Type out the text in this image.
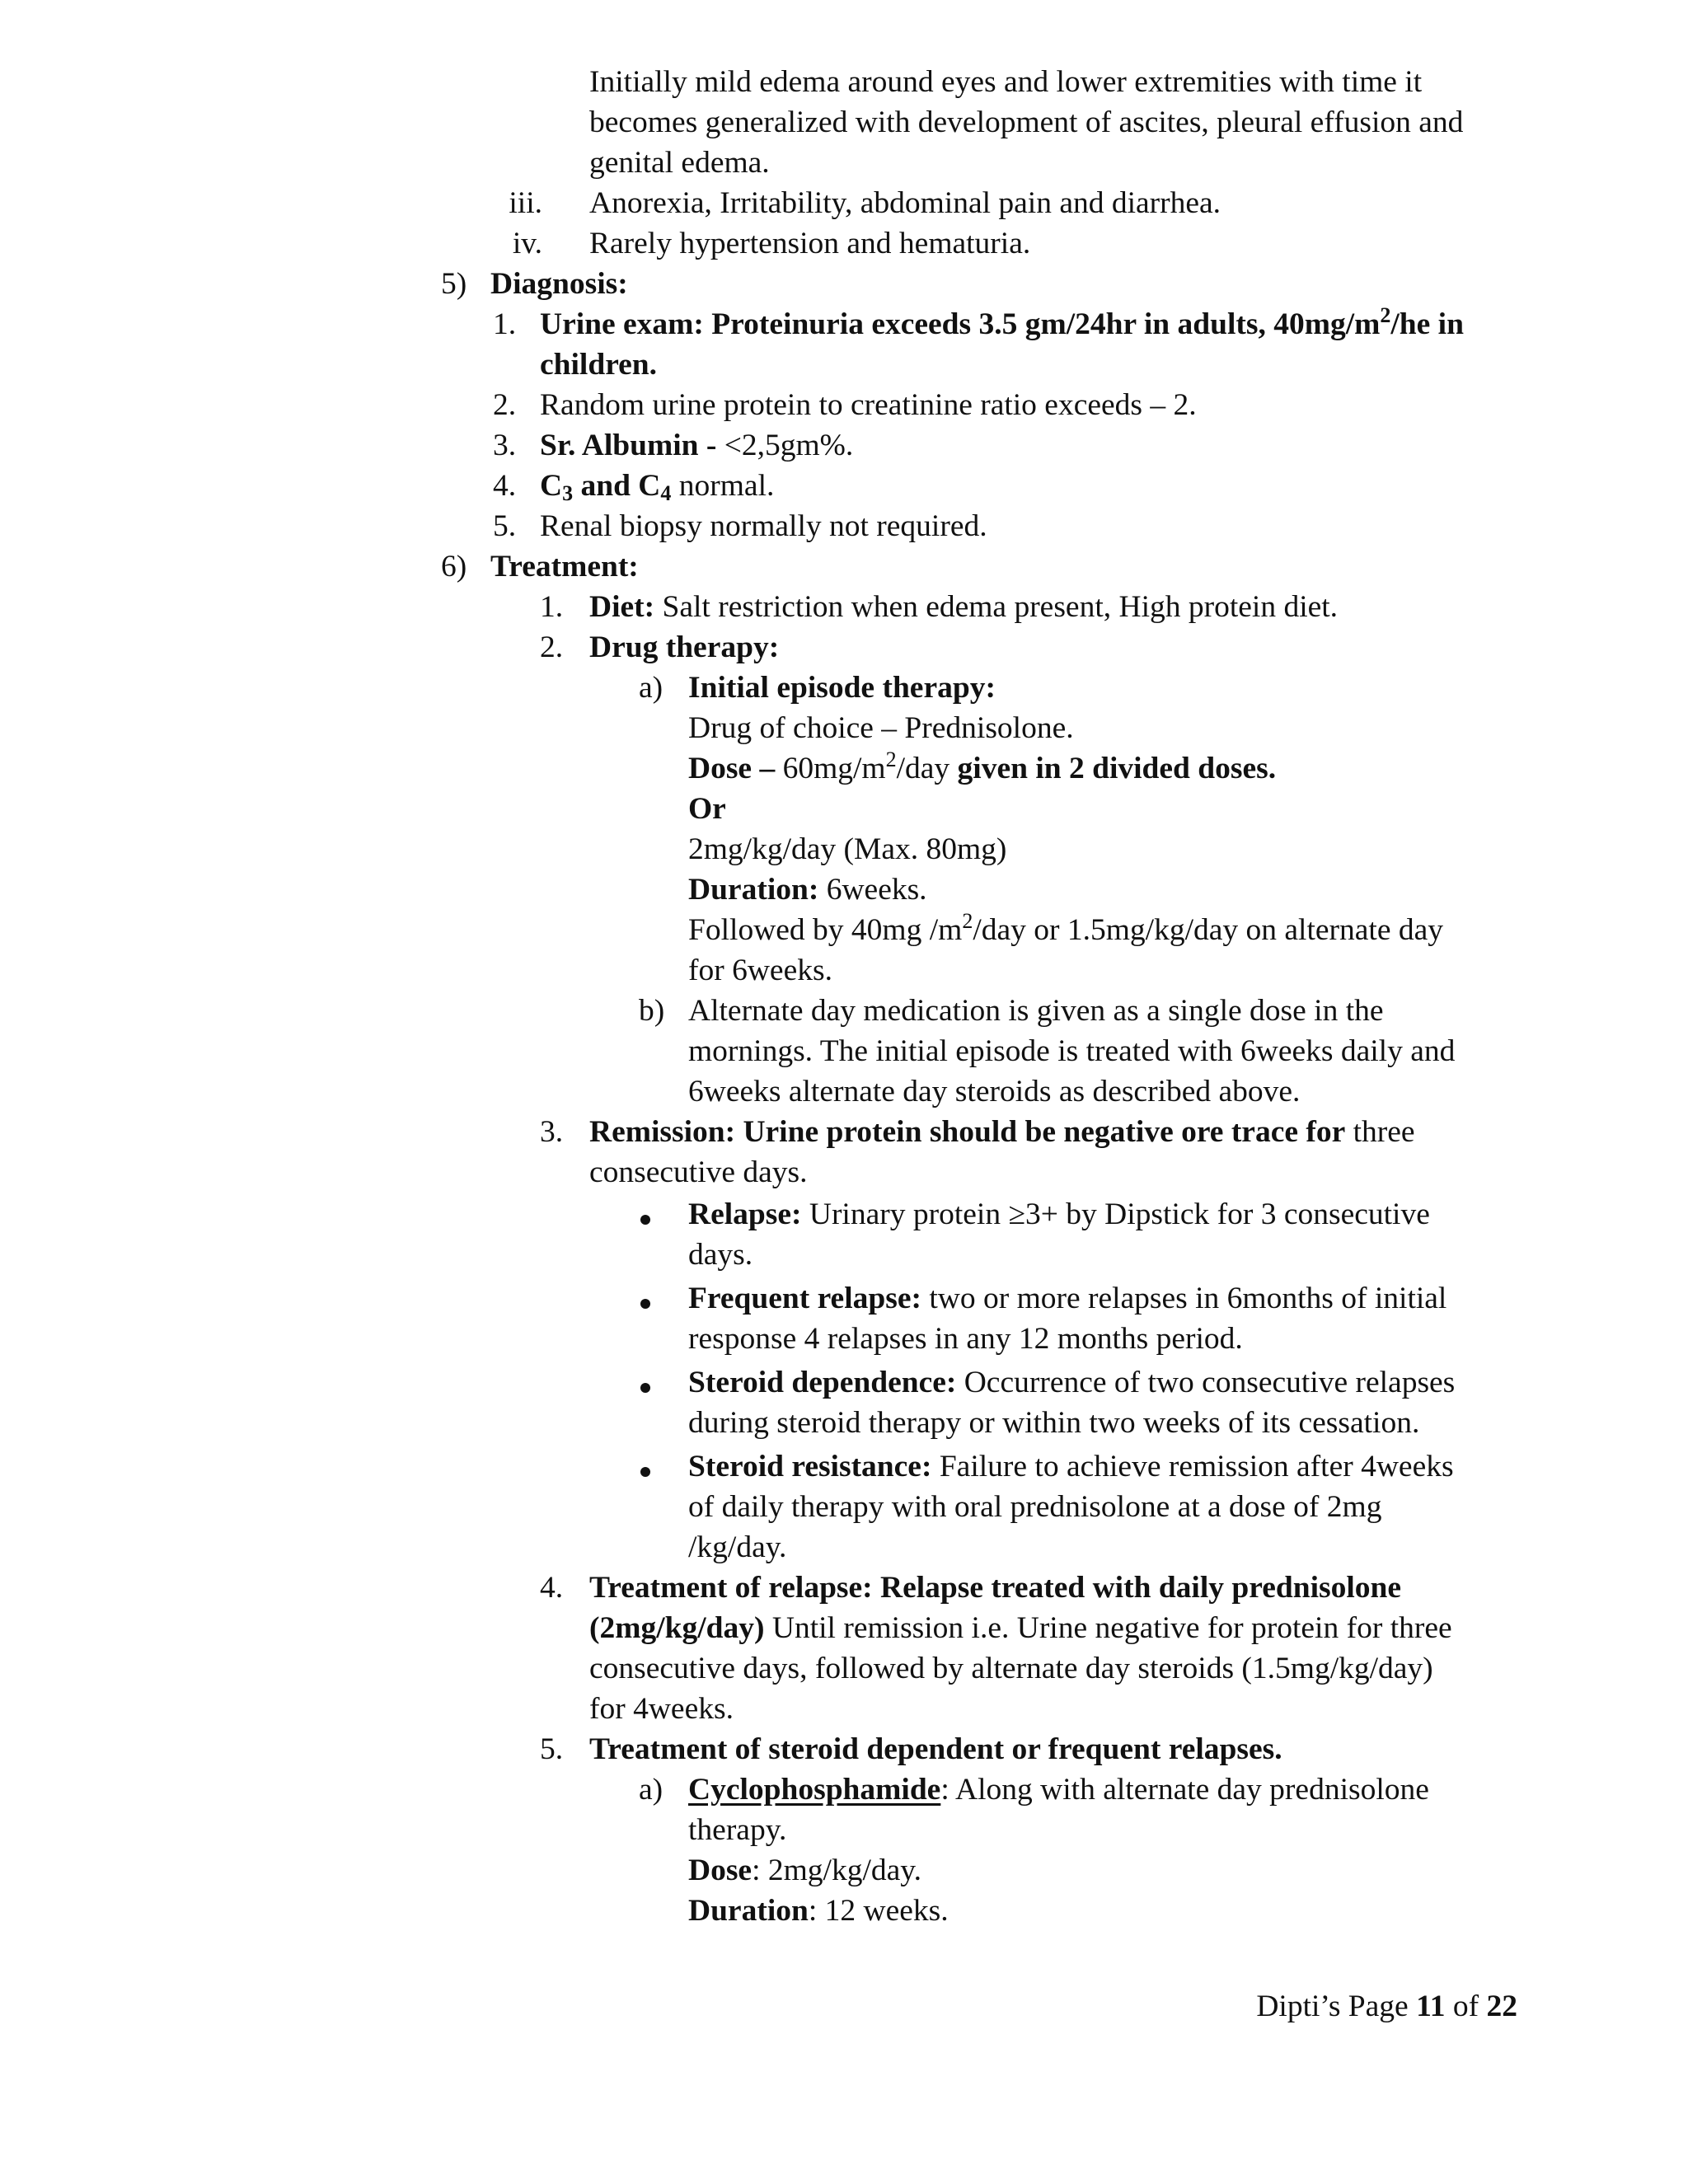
Initially mild edema around eyes and lower extremities with time it
becomes generalized with development of ascites, pleural effusion and
genital edema.
iii. Anorexia, Irritability, abdominal pain and diarrhea.
iv. Rarely hypertension and hematuria.
5) Diagnosis:
1. Urine exam: Proteinuria exceeds 3.5 gm/24hr in adults, $40mg/m^2/he$ in
children.
2. Random urine protein to creatinine ratio exceeds – 2.
3. Sr. Albumin - <2,5gm%.
4. $C_3$ and $C_4$ normal.
5. Renal biopsy normally not required.
6) Treatment:
1. Diet: Salt restriction when edema present, High protein diet.
2. Drug therapy:
a) Initial episode therapy:
Drug of choice – Prednisolone.
Dose – $60mg/m^2$/day given in 2 divided doses.
Or
2mg/kg/day (Max. 80mg)
Duration: 6weeks.
Followed by 40mg $/m^2$/day or 1.5mg/kg/day on alternate day
for 6weeks.
b) Alternate day medication is given as a single dose in the
mornings. The initial episode is treated with 6weeks daily and
6weeks alternate day steroids as described above.
3. Remission: Urine protein should be negative ore trace for three
consecutive days.
Relapse: Urinary protein ≥3+ by Dipstick for 3 consecutive
days.
Frequent relapse: two or more relapses in 6months of initial
response 4 relapses in any 12 months period.
Steroid dependence: Occurrence of two consecutive relapses
during steroid therapy or within two weeks of its cessation.
Steroid resistance: Failure to achieve remission after 4weeks
of daily therapy with oral prednisolone at a dose of 2mg
/kg/day.
4. Treatment of relapse: Relapse treated with daily prednisolone
(2mg/kg/day) Until remission i.e. Urine negative for protein for three
consecutive days, followed by alternate day steroids (1.5mg/kg/day)
for 4weeks.
5. Treatment of steroid dependent or frequent relapses.
a) Cyclophosphamide: Along with alternate day prednisolone
therapy.
Dose: 2mg/kg/day.
Duration: 12 weeks.
Dipti’s Page 11 of 22
